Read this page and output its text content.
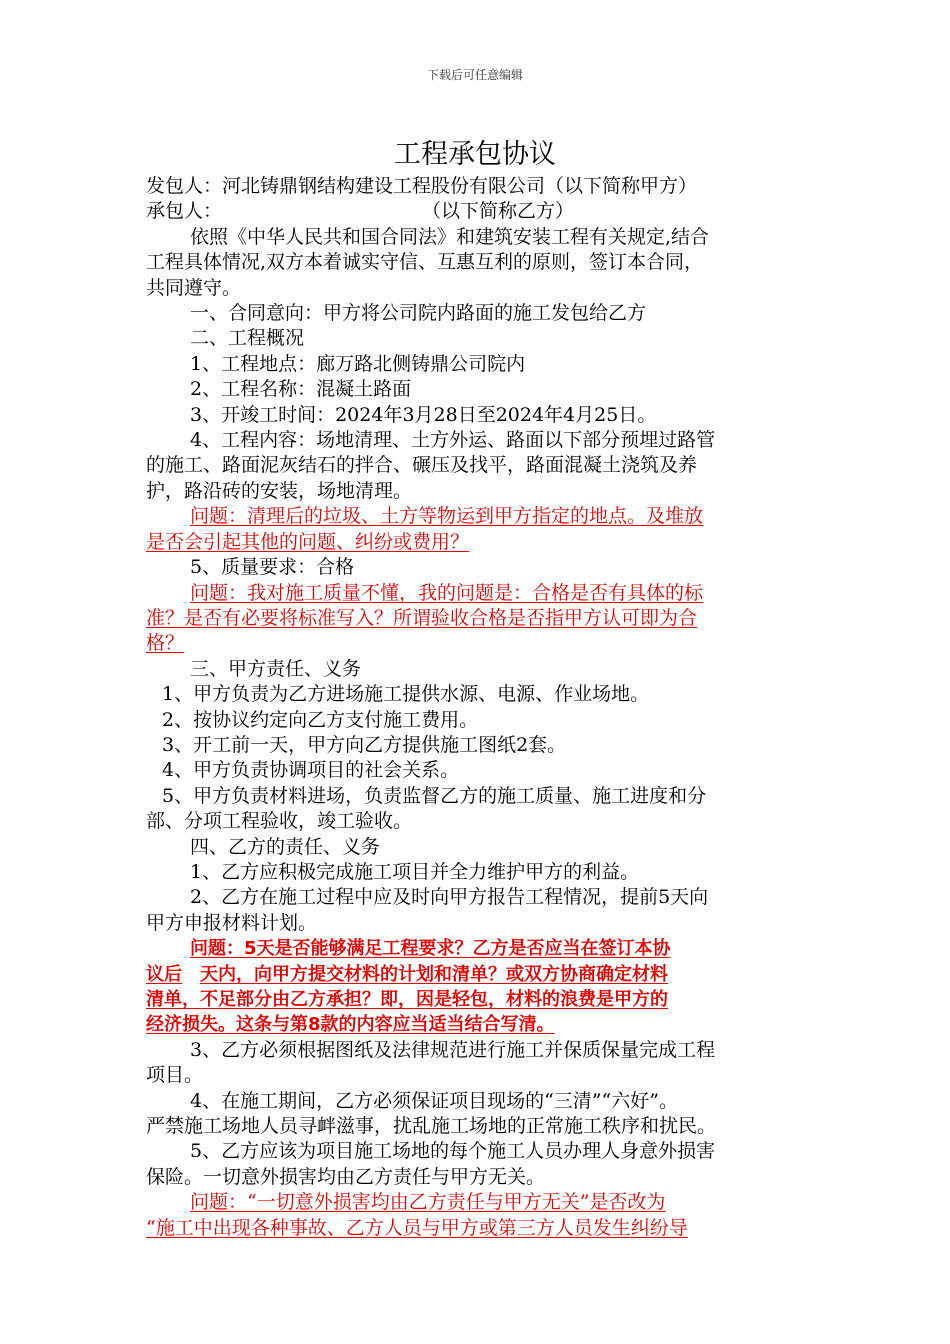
下载后可任意编辑
工程承包协议
发包人：河北铸鼎钢结构建设工程股份有限公司（以下简称甲方）
承包人：	（以下简称乙方）
依照《中华人民共和国合同法》和建筑安装工程有关规定,结合
工程具体情况,双方本着诚实守信、互惠互利的原则，签订本合同，
共同遵守。
一、合同意向：甲方将公司院内路面的施工发包给乙方
二、工程概况
1、工程地点：廊万路北侧铸鼎公司院内
2、工程名称：混凝土路面
3、开竣工时间：2024年3月28日至2024年4月25日。
4、工程内容：场地清理、土方外运、路面以下部分预埋过路管
的施工、路面泥灰结石的拌合、碾压及找平，路面混凝土浇筑及养
护，路沿砖的安装，场地清理。
问题：清理后的垃圾、土方等物运到甲方指定的地点。及堆放
是否会引起其他的问题、纠纷或费用？
5、质量要求：合格
问题：我对施工质量不懂，我的问题是：合格是否有具体的标
准？是否有必要将标准写入？所谓验收合格是否指甲方认可即为合
格？
三、甲方责任、义务
1、甲方负责为乙方进场施工提供水源、电源、作业场地。
2、按协议约定向乙方支付施工费用。
3、开工前一天，甲方向乙方提供施工图纸2套。
4、甲方负责协调项目的社会关系。
5、甲方负责材料进场，负责监督乙方的施工质量、施工进度和分
部、分项工程验收，竣工验收。
四、乙方的责任、义务
1、乙方应积极完成施工项目并全力维护甲方的利益。
2、乙方在施工过程中应及时向甲方报告工程情况，提前5天向
甲方申报材料计划。
问题：5天是否能够满足工程要求？乙方是否应当在签订本协
议后 天内，向甲方提交材料的计划和清单？或双方协商确定材料
清单，不足部分由乙方承担？即，因是轻包，材料的浪费是甲方的
经济损失。这条与第8款的内容应当适当结合写清。
3、乙方必须根据图纸及法律规范进行施工并保质保量完成工程
项目。
4、在施工期间，乙方必须保证项目现场的“三清”“六好”。
严禁施工场地人员寻衅滋事，扰乱施工场地的正常施工秩序和扰民。
5、乙方应该为项目施工场地的每个施工人员办理人身意外损害
保险。一切意外损害均由乙方责任与甲方无关。
问题：“一切意外损害均由乙方责任与甲方无关”是否改为
“施工中出现各种事故、乙方人员与甲方或第三方人员发生纠纷导
